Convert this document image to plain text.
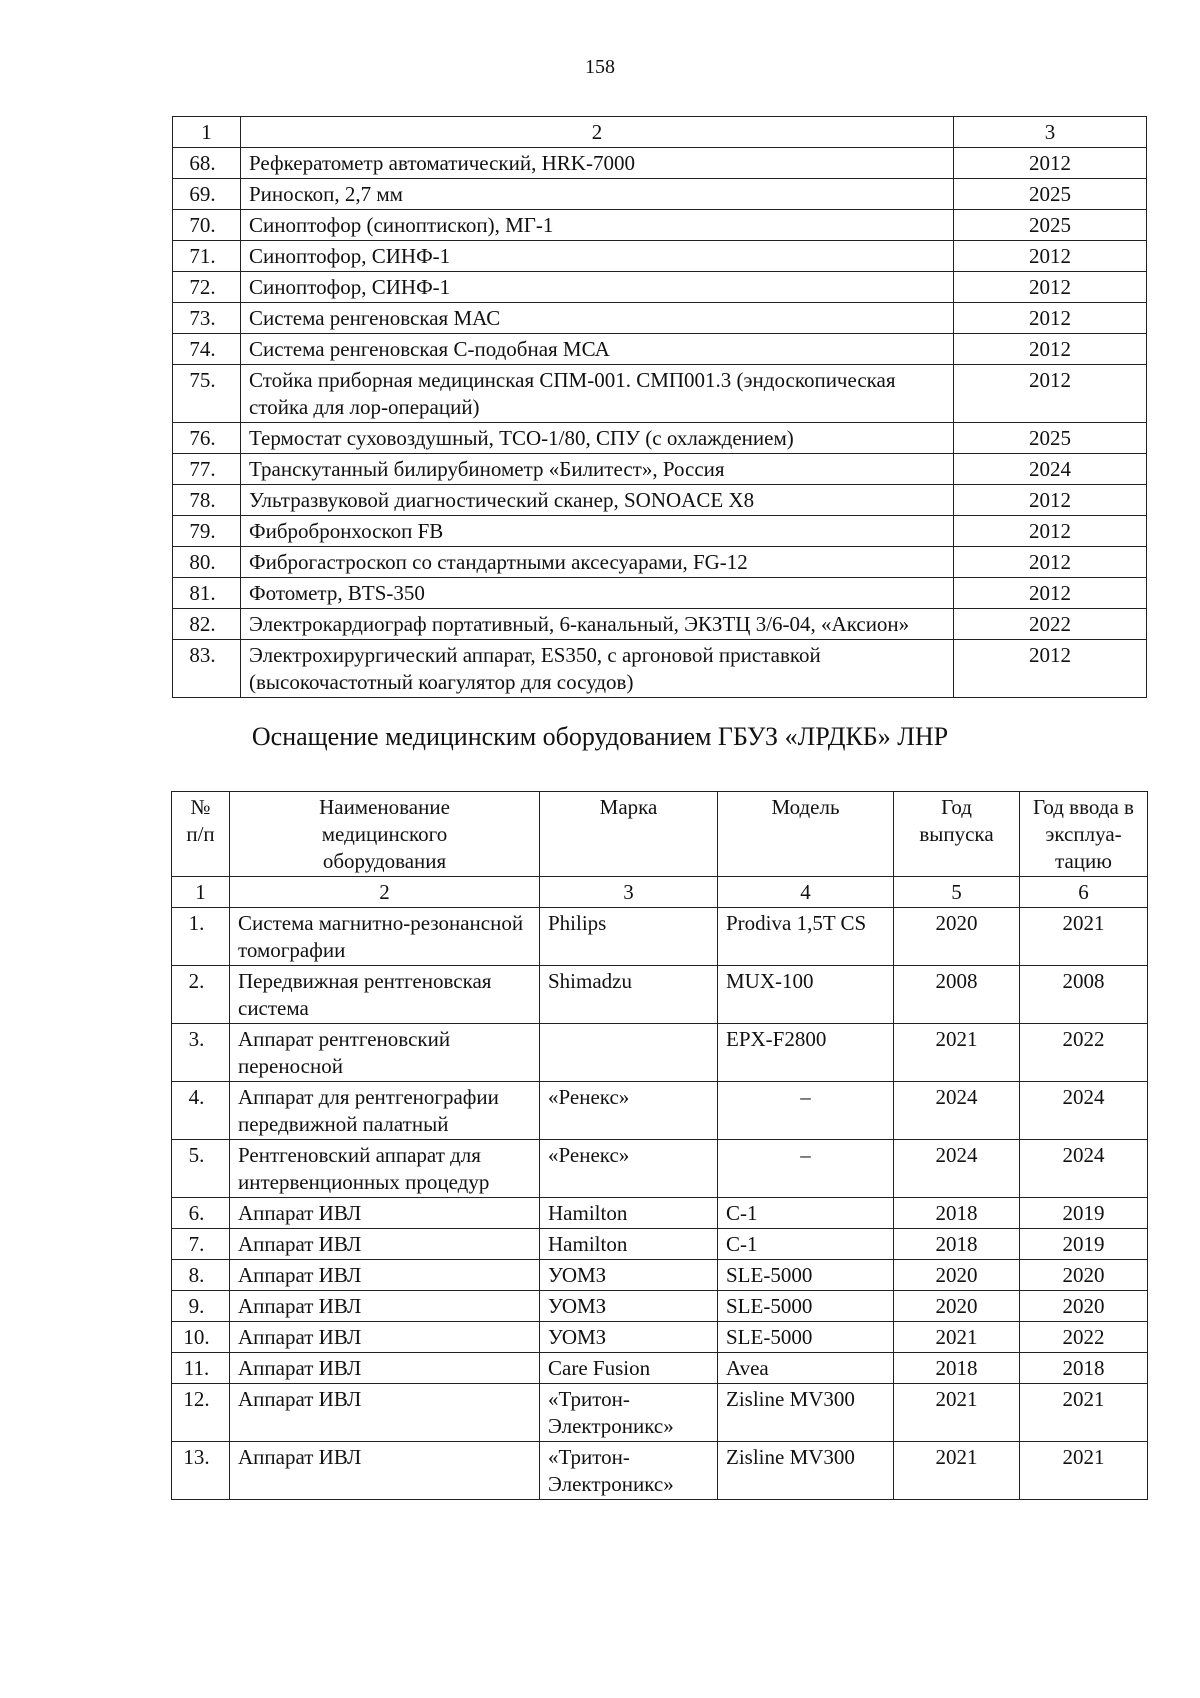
158
1	2	3
68.	Рефкератометр автоматический, HRK-7000	2012
69.	Риноскоп, 2,7 мм	2025
70.	Синоптофор (синоптископ), МГ-1	2025
71.	Синоптофор, СИНФ-1	2012
72.	Синоптофор, СИНФ-1	2012
73.	Система ренгеновская МАС	2012
74.	Система ренгеновская С-подобная МСА	2012
75.	Стойка приборная медицинская СПМ-001. СМП001.3 (эндоскопическая стойка для лор-операций)	2012
76.	Термостат суховоздушный, ТСО-1/80, СПУ (с охлаждением)	2025
77.	Транскутанный билирубинометр «Билитест», Россия	2024
78.	Ультразвуковой диагностический сканер, SONOACE X8	2012
79.	Фибробронхоскоп FB	2012
80.	Фиброгастроскоп со стандартными аксесуарами, FG-12	2012
81.	Фотометр, BTS-350	2012
82.	Электрокардиограф портативный, 6-канальный, ЭКЗТЦ 3/6-04, «Аксион»	2022
83.	Электрохирургический аппарат, ES350, с аргоновой приставкой (высокочастотный коагулятор для сосудов)	2012
Оснащение медицинским оборудованием ГБУЗ «ЛРДКБ» ЛНР
№ п/п	Наименование медицинского оборудования	Марка	Модель	Год выпуска	Год ввода в эксплуа-тацию
1	2	3	4	5	6
1.	Система магнитно-резонансной томографии	Philips	Prodiva 1,5T CS	2020	2021
2.	Передвижная рентгеновская система	Shimadzu	MUX-100	2008	2008
3.	Аппарат рентгеновский переносной		EPX-F2800	2021	2022
4.	Аппарат для рентгенографии передвижной палатный	«Ренекс»	–	2024	2024
5.	Рентгеновский аппарат для интервенционных процедур	«Ренекс»	–	2024	2024
6.	Аппарат ИВЛ	Hamilton	C-1	2018	2019
7.	Аппарат ИВЛ	Hamilton	C-1	2018	2019
8.	Аппарат ИВЛ	УОМЗ	SLE-5000	2020	2020
9.	Аппарат ИВЛ	УОМЗ	SLE-5000	2020	2020
10.	Аппарат ИВЛ	УОМЗ	SLE-5000	2021	2022
11.	Аппарат ИВЛ	Care Fusion	Avea	2018	2018
12.	Аппарат ИВЛ	«Тритон-Электроникс»	Zisline MV300	2021	2021
13.	Аппарат ИВЛ	«Тритон-Электроникс»	Zisline MV300	2021	2021
